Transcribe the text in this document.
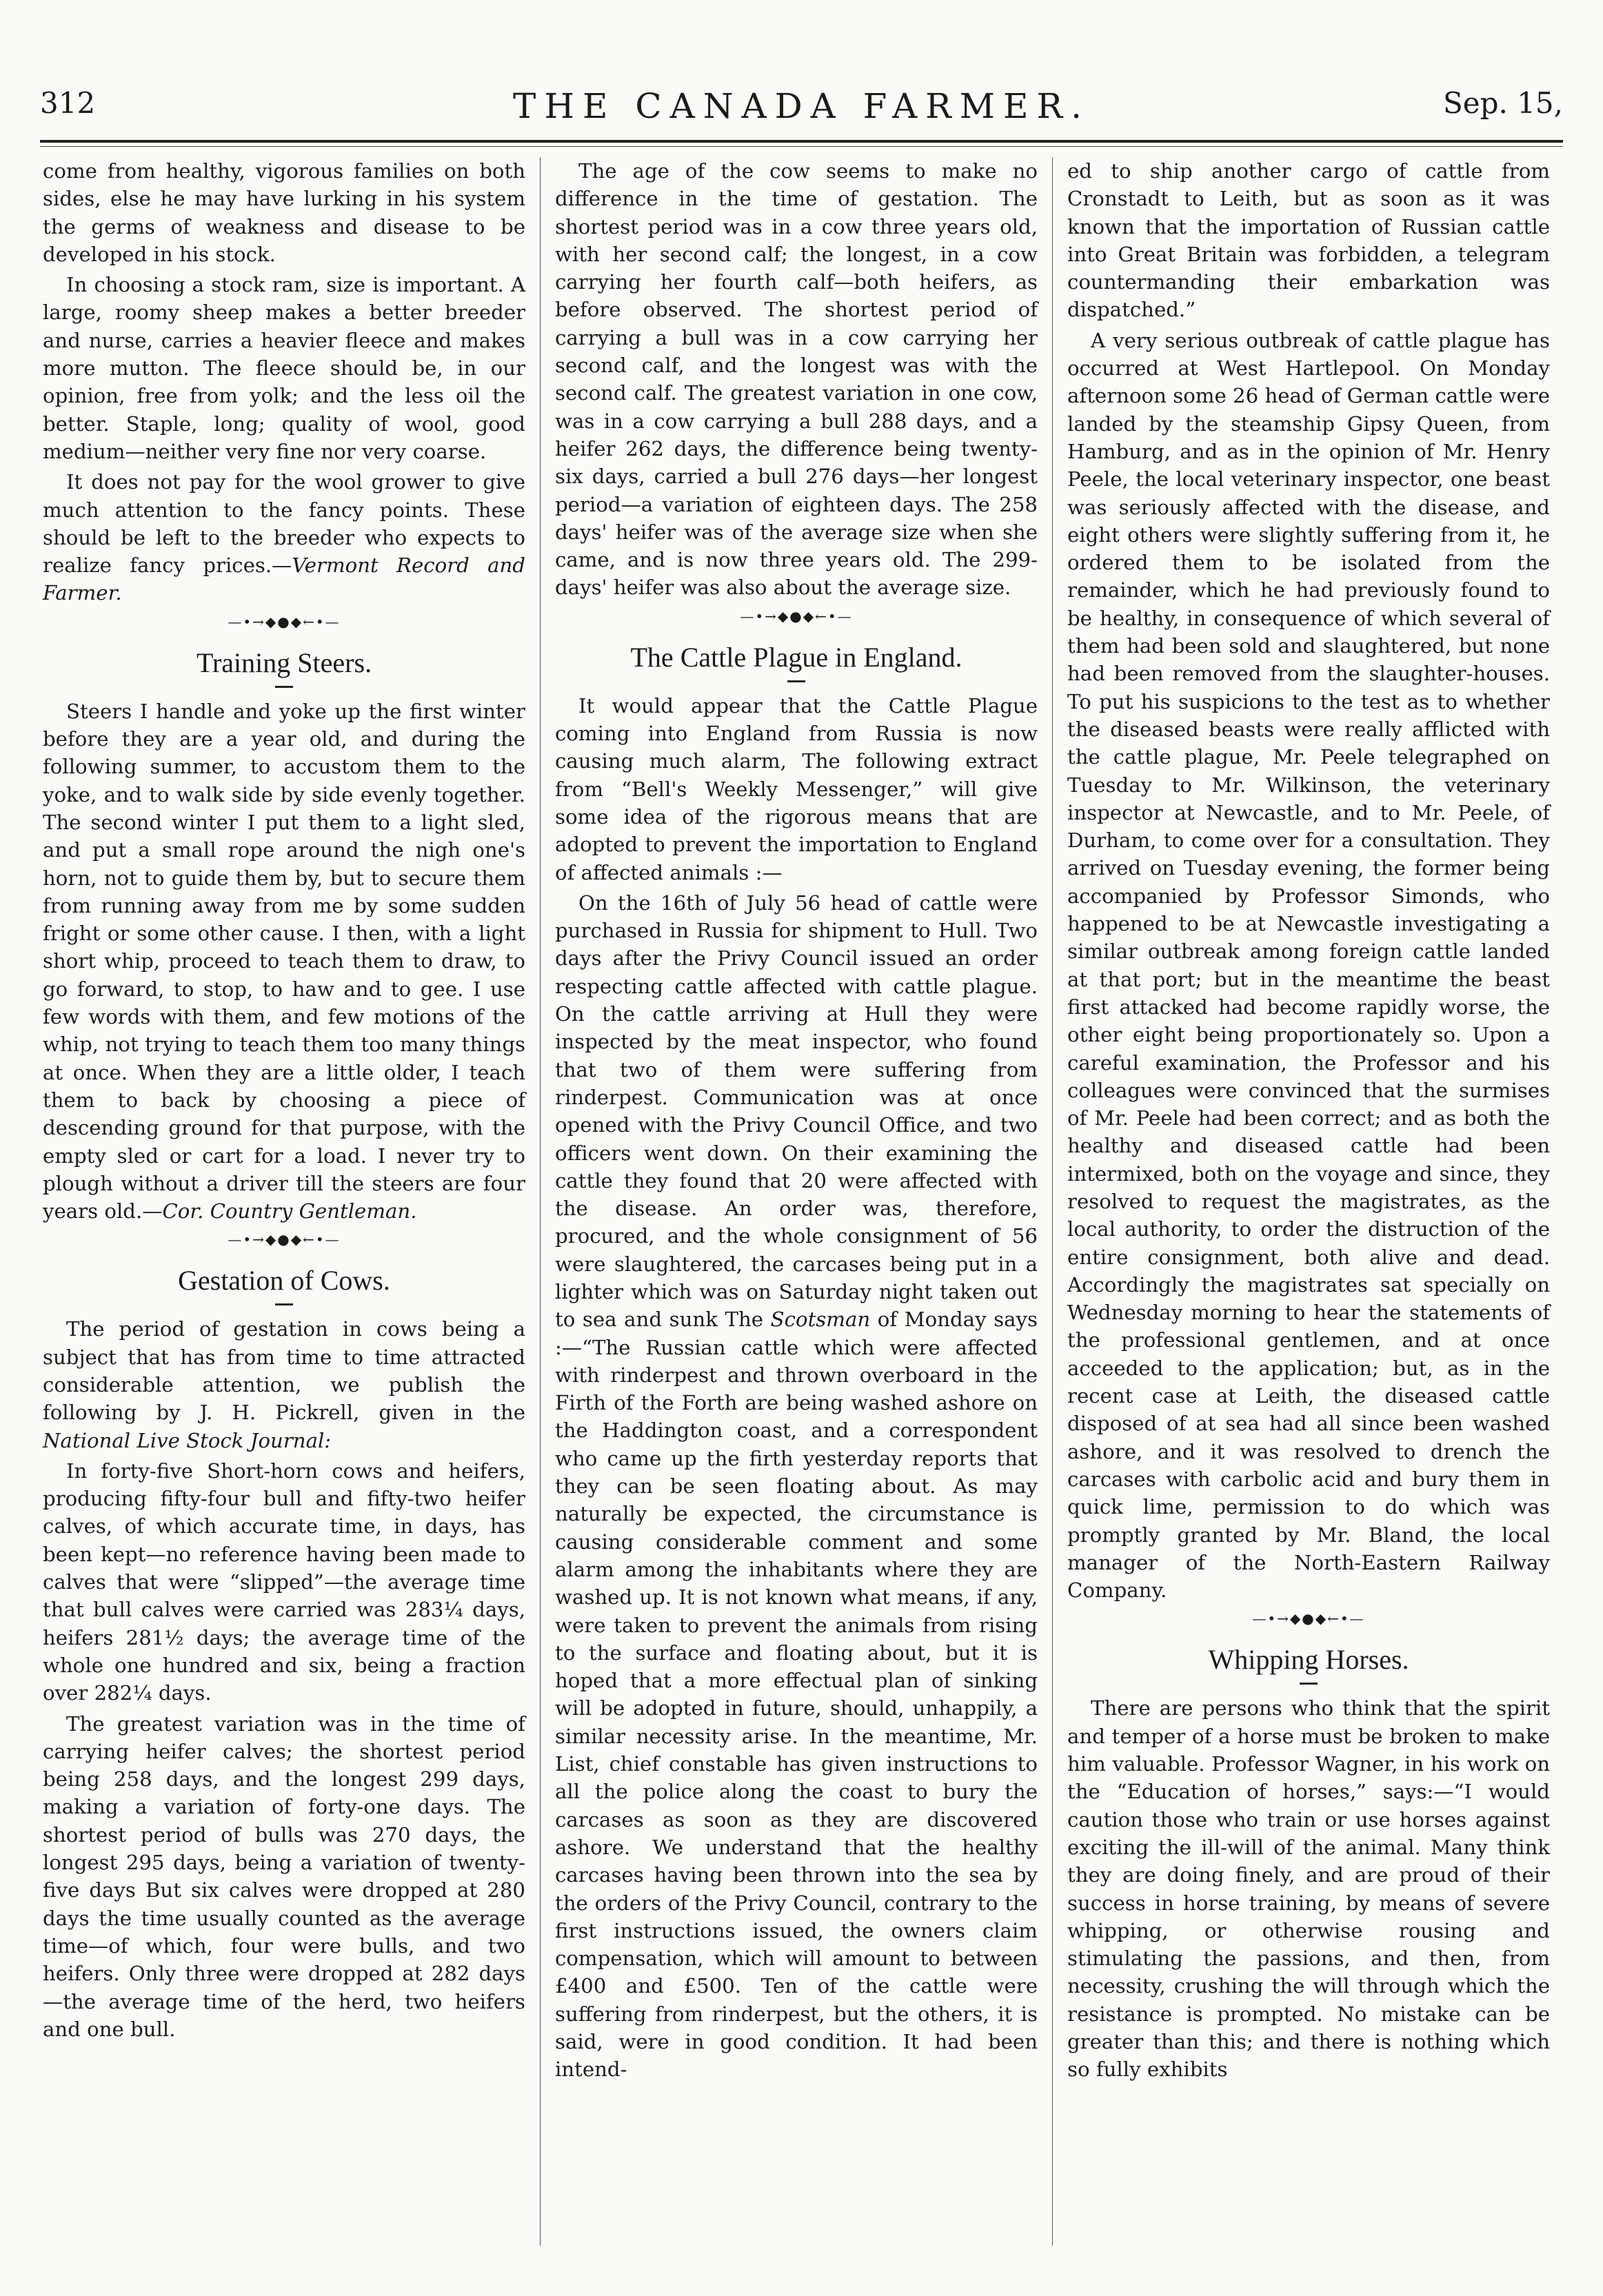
312	THE CANADA FARMER.	Sep. 15,

come from healthy, vigorous families on both sides, else he may have lurking in his system the germs of weakness and disease to be developed in his stock.

In choosing a stock ram, size is important. A large, roomy sheep makes a better breeder and nurse, carries a heavier fleece and makes more mutton. The fleece should be, in our opinion, free from yolk; and the less oil the better. Staple, long; quality of wool, good medium—neither very fine nor very coarse.

It does not pay for the wool grower to give much attention to the fancy points. These should be left to the breeder who expects to realize fancy prices.—Vermont Record and Farmer.

—•→◆●◆←•—
Training Steers.

Steers I handle and yoke up the first winter before they are a year old, and during the following summer, to accustom them to the yoke, and to walk side by side evenly together. The second winter I put them to a light sled, and put a small rope around the nigh one's horn, not to guide them by, but to secure them from running away from me by some sudden fright or some other cause. I then, with a light short whip, proceed to teach them to draw, to go forward, to stop, to haw and to gee. I use few words with them, and few motions of the whip, not trying to teach them too many things at once. When they are a little older, I teach them to back by choosing a piece of descending ground for that purpose, with the empty sled or cart for a load. I never try to plough without a driver till the steers are four years old.—Cor. Country Gentleman.

—•→◆●◆←•—
Gestation of Cows.

The period of gestation in cows being a subject that has from time to time attracted considerable attention, we publish the following by J. H. Pickrell, given in the National Live Stock Journal:

In forty-five Short-horn cows and heifers, producing fifty-four bull and fifty-two heifer calves, of which accurate time, in days, has been kept—no reference having been made to calves that were “slipped”—the average time that bull calves were carried was 283¼ days, heifers 281½ days; the average time of the whole one hundred and six, being a fraction over 282¼ days.

The greatest variation was in the time of carrying heifer calves; the shortest period being 258 days, and the longest 299 days, making a variation of forty-one days. The shortest period of bulls was 270 days, the longest 295 days, being a variation of twenty-five days But six calves were dropped at 280 days the time usually counted as the average time—of which, four were bulls, and two heifers. Only three were dropped at 282 days—the average time of the herd, two heifers and one bull.

The age of the cow seems to make no difference in the time of gestation. The shortest period was in a cow three years old, with her second calf; the longest, in a cow carrying her fourth calf—both heifers, as before observed. The shortest period of carrying a bull was in a cow carrying her second calf, and the longest was with the second calf. The greatest variation in one cow, was in a cow carrying a bull 288 days, and a heifer 262 days, the difference being twenty-six days, carried a bull 276 days—her longest period—a variation of eighteen days. The 258 days' heifer was of the average size when she came, and is now three years old. The 299-days' heifer was also about the average size.

—•→◆●◆←•—
The Cattle Plague in England.

It would appear that the Cattle Plague coming into England from Russia is now causing much alarm, The following extract from “Bell's Weekly Messenger,” will give some idea of the rigorous means that are adopted to prevent the importation to England of affected animals :—

On the 16th of July 56 head of cattle were purchased in Russia for shipment to Hull. Two days after the Privy Council issued an order respecting cattle affected with cattle plague. On the cattle arriving at Hull they were inspected by the meat inspector, who found that two of them were suffering from rinderpest. Communication was at once opened with the Privy Council Office, and two officers went down. On their examining the cattle they found that 20 were affected with the disease. An order was, therefore, procured, and the whole consignment of 56 were slaughtered, the carcases being put in a lighter which was on Saturday night taken out to sea and sunk The Scotsman of Monday says :—“The Russian cattle which were affected with rinderpest and thrown overboard in the Firth of the Forth are being washed ashore on the Haddington coast, and a correspondent who came up the firth yesterday reports that they can be seen floating about. As may naturally be expected, the circumstance is causing considerable comment and some alarm among the inhabitants where they are washed up. It is not known what means, if any, were taken to prevent the animals from rising to the surface and floating about, but it is hoped that a more effectual plan of sinking will be adopted in future, should, unhappily, a similar necessity arise. In the meantime, Mr. List, chief constable has given instructions to all the police along the coast to bury the carcases as soon as they are discovered ashore. We understand that the healthy carcases having been thrown into the sea by the orders of the Privy Council, contrary to the first instructions issued, the owners claim compensation, which will amount to between £400 and £500. Ten of the cattle were suffering from rinderpest, but the others, it is said, were in good condition. It had been intend-

ed to ship another cargo of cattle from Cronstadt to Leith, but as soon as it was known that the importation of Russian cattle into Great Britain was forbidden, a telegram countermanding their embarkation was dispatched.”

A very serious outbreak of cattle plague has occurred at West Hartlepool. On Monday afternoon some 26 head of German cattle were landed by the steamship Gipsy Queen, from Hamburg, and as in the opinion of Mr. Henry Peele, the local veterinary inspector, one beast was seriously affected with the disease, and eight others were slightly suffering from it, he ordered them to be isolated from the remainder, which he had previously found to be healthy, in consequence of which several of them had been sold and slaughtered, but none had been removed from the slaughter-houses. To put his suspicions to the test as to whether the diseased beasts were really afflicted with the cattle plague, Mr. Peele telegraphed on Tuesday to Mr. Wilkinson, the veterinary inspector at Newcastle, and to Mr. Peele, of Durham, to come over for a consultation. They arrived on Tuesday evening, the former being accompanied by Professor Simonds, who happened to be at Newcastle investigating a similar outbreak among foreign cattle landed at that port; but in the meantime the beast first attacked had become rapidly worse, the other eight being proportionately so. Upon a careful examination, the Professor and his colleagues were convinced that the surmises of Mr. Peele had been correct; and as both the healthy and diseased cattle had been intermixed, both on the voyage and since, they resolved to request the magistrates, as the local authority, to order the distruction of the entire consignment, both alive and dead. Accordingly the magistrates sat specially on Wednesday morning to hear the statements of the professional gentlemen, and at once acceeded to the application; but, as in the recent case at Leith, the diseased cattle disposed of at sea had all since been washed ashore, and it was resolved to drench the carcases with carbolic acid and bury them in quick lime, permission to do which was promptly granted by Mr. Bland, the local manager of the North-Eastern Railway Company.

—•→◆●◆←•—
Whipping Horses.

There are persons who think that the spirit and temper of a horse must be broken to make him valuable. Professor Wagner, in his work on the “Education of horses,” says:—“I would caution those who train or use horses against exciting the ill-will of the animal. Many think they are doing finely, and are proud of their success in horse training, by means of severe whipping, or otherwise rousing and stimulating the passions, and then, from necessity, crushing the will through which the resistance is prompted. No mistake can be greater than this; and there is nothing which so fully exhibits
